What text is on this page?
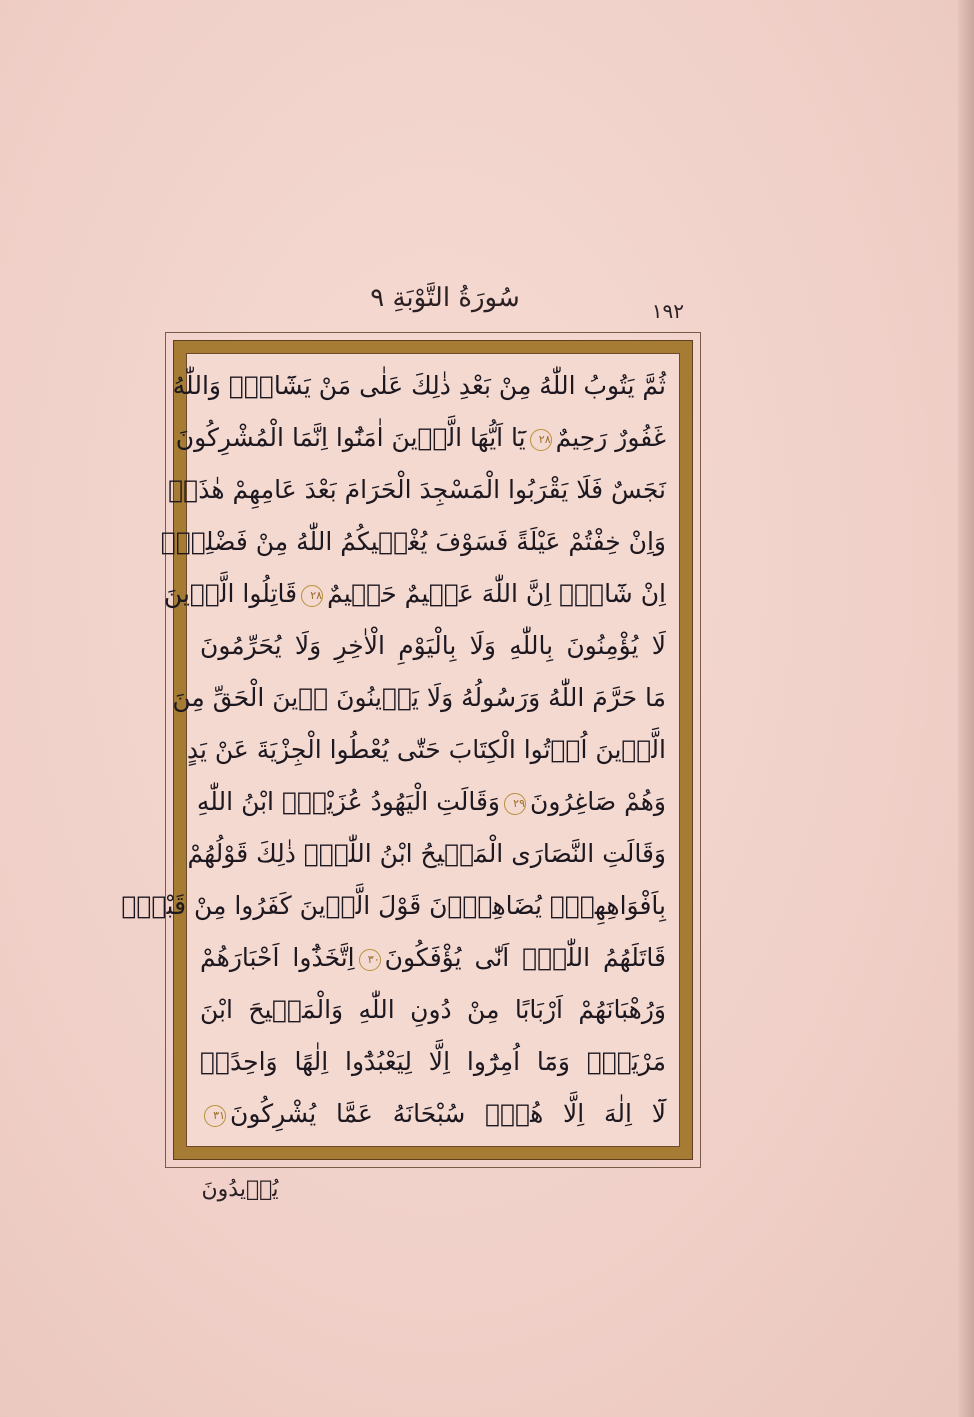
سُورَةُ التَّوْبَةِ ٩	١٩٢
ثُمَّ يَتُوبُ اللّٰهُ مِنْ بَعْدِ ذٰلِكَ عَلٰى مَنْ يَشَٓاءُۜ وَاللّٰهُ
غَفُورٌ رَحِيمٌ٢٨يَٓا اَيُّهَا الَّذٖينَ اٰمَنُٓوا اِنَّمَا الْمُشْرِكُونَ
نَجَسٌ فَلَا يَقْرَبُوا الْمَسْجِدَ الْحَرَامَ بَعْدَ عَامِهِمْ هٰذَاۚ
وَاِنْ خِفْتُمْ عَيْلَةً فَسَوْفَ يُغْنٖيكُمُ اللّٰهُ مِنْ فَضْلِهٖٓ
اِنْ شَٓاءَۜ اِنَّ اللّٰهَ عَلٖيمٌ حَكٖيمٌ٢٨قَاتِلُوا الَّذٖينَ
لَا يُؤْمِنُونَ بِاللّٰهِ وَلَا بِالْيَوْمِ الْاٰخِرِ وَلَا يُحَرِّمُونَ
مَا حَرَّمَ اللّٰهُ وَرَسُولُهُ وَلَا يَدٖينُونَ دٖينَ الْحَقِّ مِنَ
الَّذٖينَ اُو۫تُوا الْكِتَابَ حَتّٰى يُعْطُوا الْجِزْيَةَ عَنْ يَدٍ
وَهُمْ صَاغِرُونَ٢٩وَقَالَتِ الْيَهُودُ عُزَيْرٌۨ ابْنُ اللّٰهِ
وَقَالَتِ النَّصَارَى الْمَسٖيحُ ابْنُ اللّٰهِۜ ذٰلِكَ قَوْلُهُمْ
بِاَفْوَاهِهِمْۚ يُضَاهِؤُ۫نَ قَوْلَ الَّذٖينَ كَفَرُوا مِنْ قَبْلُۜ
قَاتَلَهُمُ اللّٰهُۚ اَنّٰى يُؤْفَكُونَ٣٠اِتَّخَذُٓوا اَحْبَارَهُمْ
وَرُهْبَانَهُمْ اَرْبَابًا مِنْ دُونِ اللّٰهِ وَالْمَسٖيحَ ابْنَ
مَرْيَمَۚ وَمَٓا اُمِرُٓوا اِلَّا لِيَعْبُدُٓوا اِلٰهًا وَاحِدًاۚ
لَٓا اِلٰهَ اِلَّا هُوَۜ سُبْحَانَهُ عَمَّا يُشْرِكُونَ٣١
يُرٖيدُونَ
